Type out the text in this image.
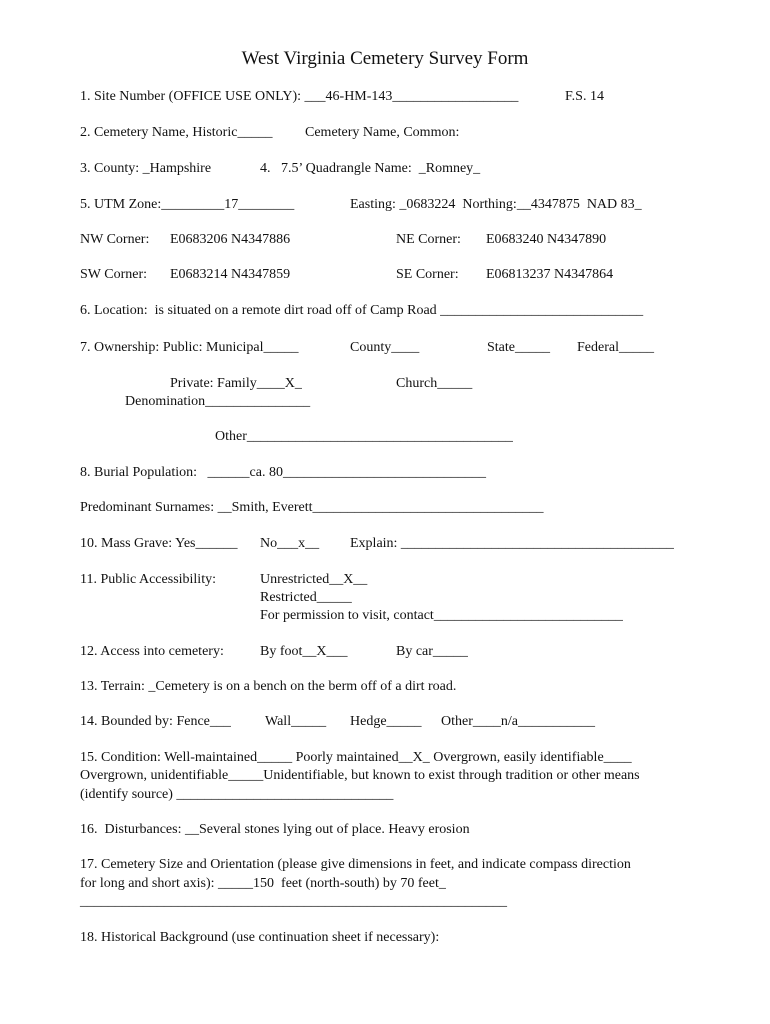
West Virginia Cemetery Survey Form
1. Site Number (OFFICE USE ONLY): ___46-HM-143__________________	F.S. 14
2. Cemetery Name, Historic_____ Cemetery Name, Common:
3. County: _Hampshire	4.   7.5’ Quadrangle Name:  _Romney_
5. UTM Zone:_________17________	Easting: _0683224  Northing:__4347875  NAD 83_
NW Corner: E0683206 N4347886	NE Corner: E0683240 N4347890
SW Corner: E0683214 N4347859	SE Corner: E06813237 N4347864
6. Location:  is situated on a remote dirt road off of Camp Road _____________________________
7. Ownership: Public: Municipal_____	County____	State_____ Federal_____
Private: Family____X_	Church_____
Denomination_______________
Other______________________________________
8. Burial Population:   ______ca. 80_____________________________
Predominant Surnames: __Smith, Everett_________________________________
10. Mass Grave: Yes______ No___x__ Explain: _______________________________________
11. Public Accessibility:	Unrestricted__X__
Restricted_____
For permission to visit, contact___________________________
12. Access into cemetery:	By foot__X___	By car_____
13. Terrain: _Cemetery is on a bench on the berm off of a dirt road.
14. Bounded by: Fence___ Wall_____ Hedge_____ Other____n/a___________
15. Condition: Well-maintained_____ Poorly maintained__X_ Overgrown, easily identifiable____
Overgrown, unidentifiable_____Unidentifiable, but known to exist through tradition or other means
(identify source) _______________________________
16.  Disturbances: __Several stones lying out of place. Heavy erosion
17. Cemetery Size and Orientation (please give dimensions in feet, and indicate compass direction
for long and short axis): _____150  feet (north-south) by 70 feet_
_____________________________________________________________
18. Historical Background (use continuation sheet if necessary):
